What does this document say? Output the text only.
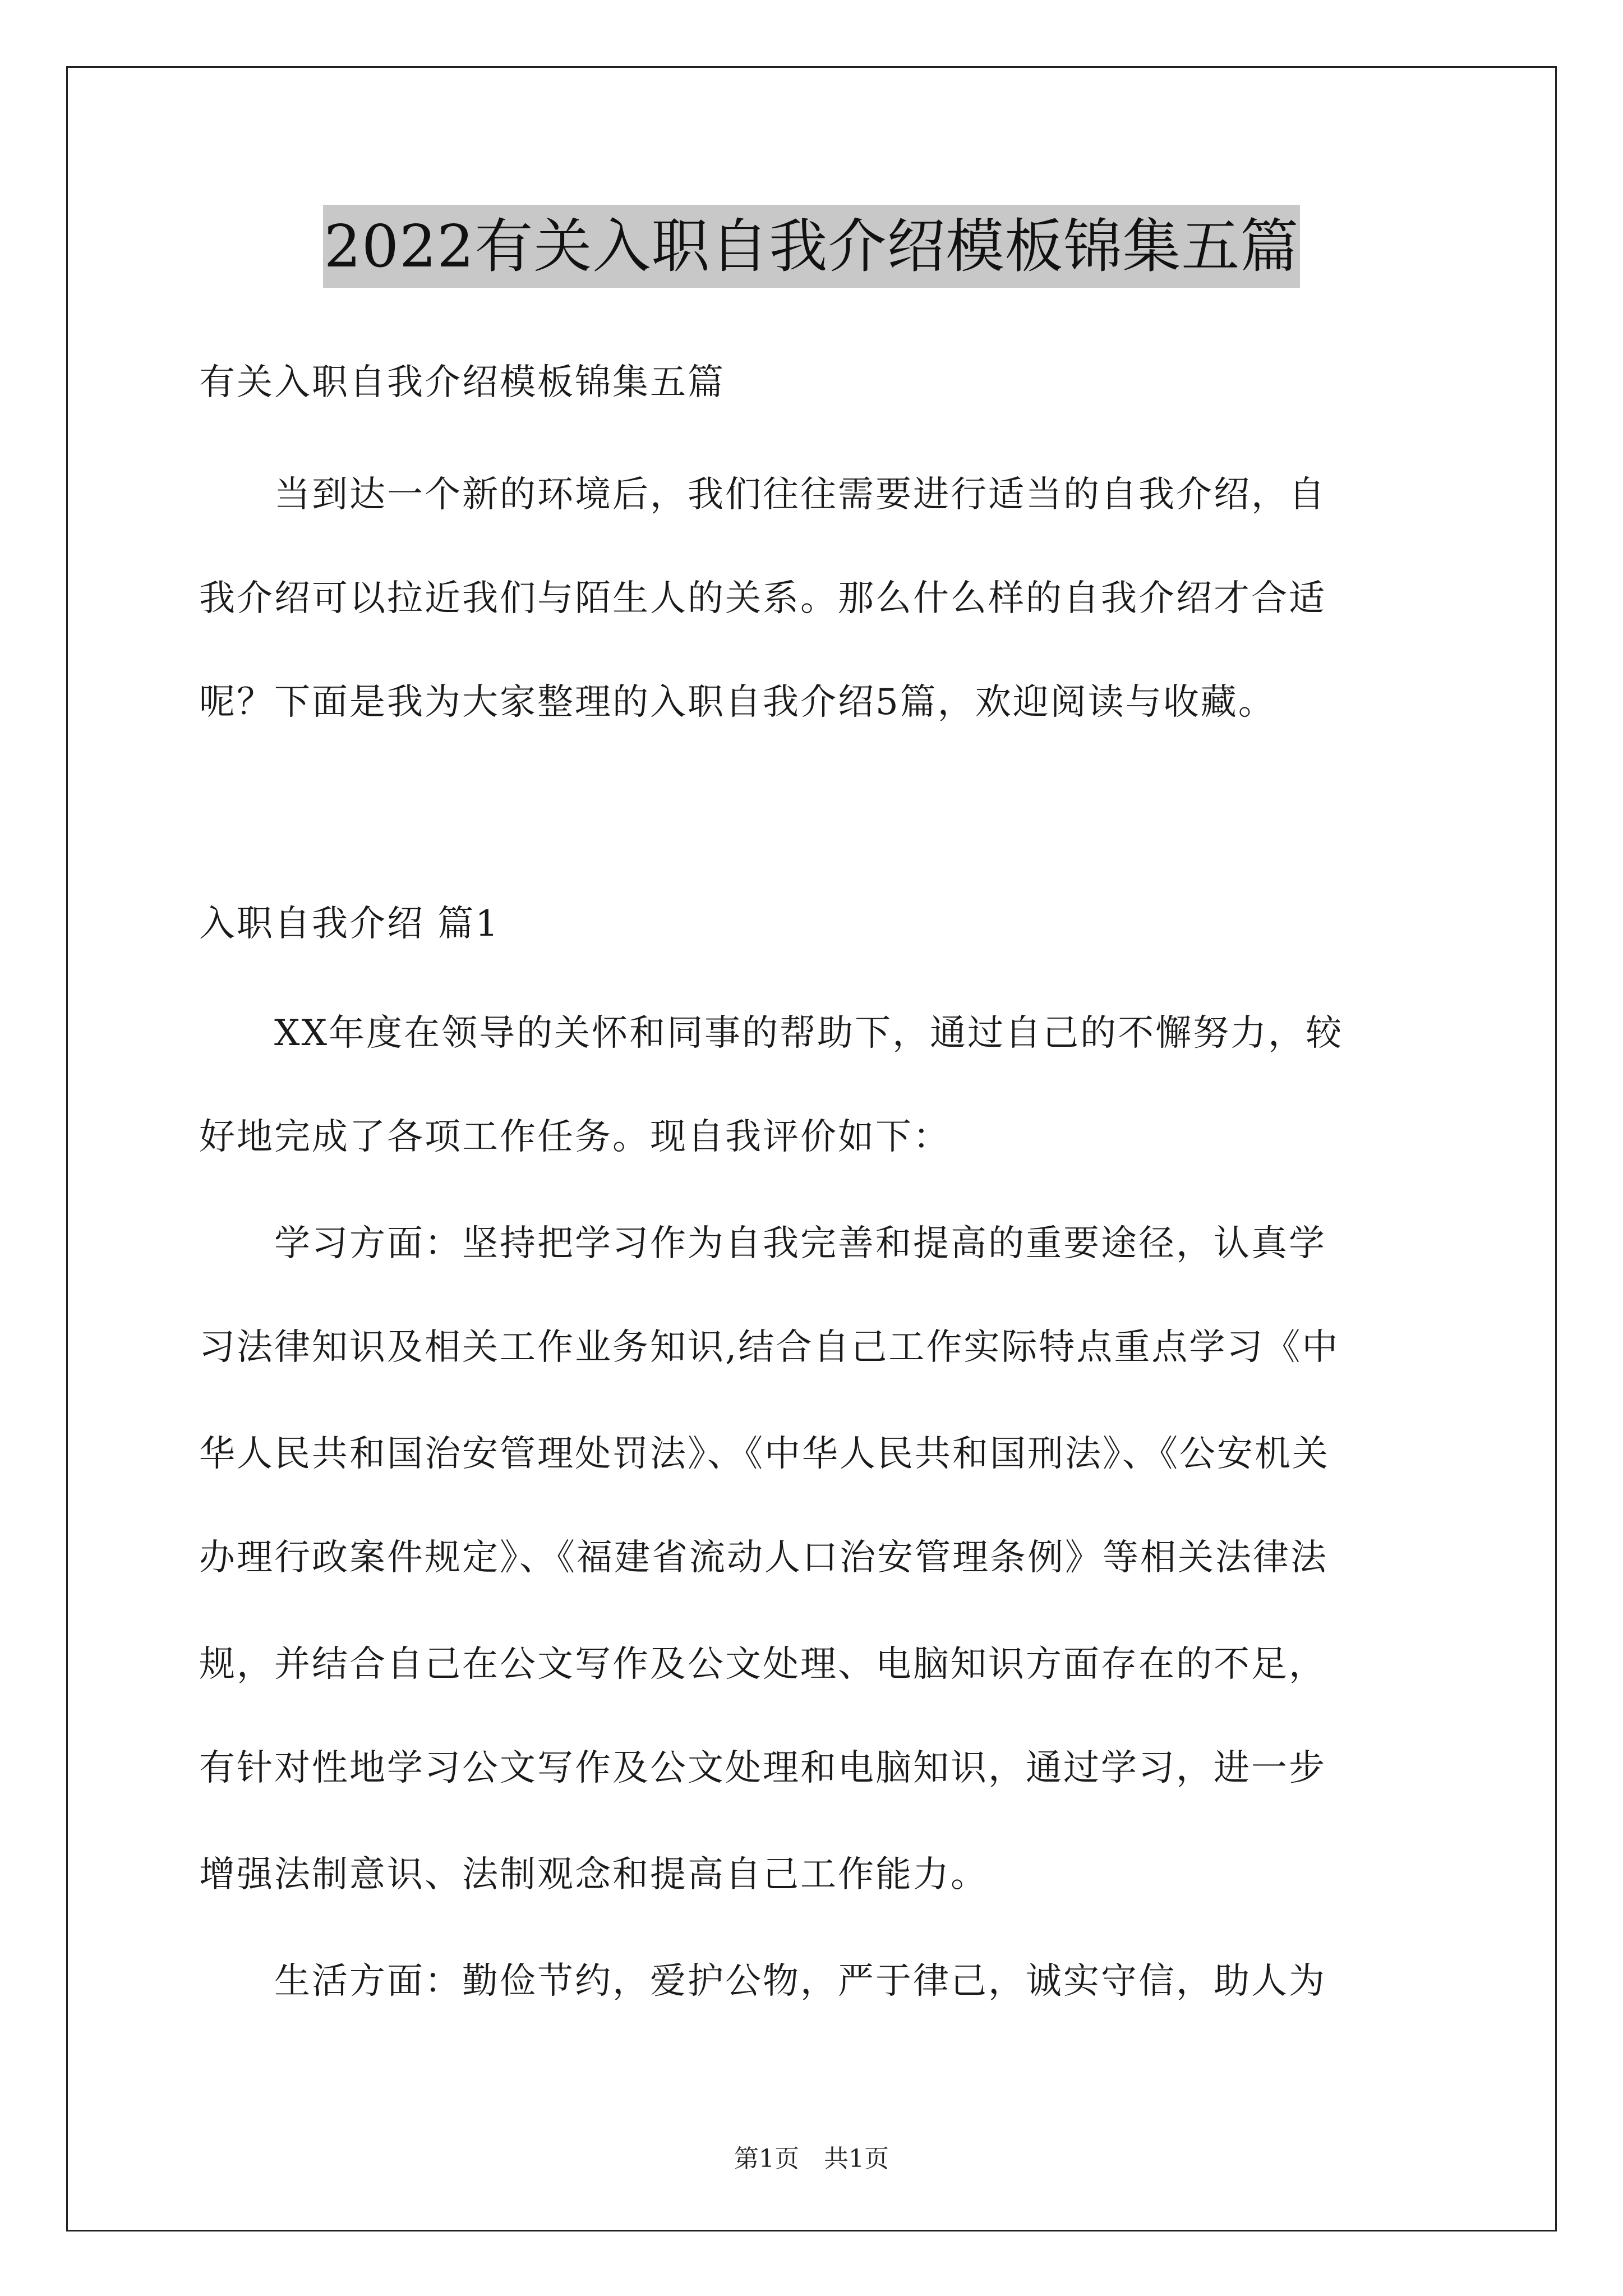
2022有关入职自我介绍模板锦集五篇
有关入职自我介绍模板锦集五篇
　　当到达一个新的环境后，我们往往需要进行适当的自我介绍，自
我介绍可以拉近我们与陌生人的关系。那么什么样的自我介绍才合适
呢？下面是我为大家整理的入职自我介绍5篇，欢迎阅读与收藏。
入职自我介绍 篇1
　　XX年度在领导的关怀和同事的帮助下，通过自己的不懈努力，较
好地完成了各项工作任务。现自我评价如下：
　　学习方面：坚持把学习作为自我完善和提高的重要途径，认真学
习法律知识及相关工作业务知识,结合自己工作实际特点重点学习《中
华人民共和国治安管理处罚法》、《中华人民共和国刑法》、《公安机关
办理行政案件规定》、《福建省流动人口治安管理条例》等相关法律法
规，并结合自己在公文写作及公文处理、电脑知识方面存在的不足，
有针对性地学习公文写作及公文处理和电脑知识，通过学习，进一步
增强法制意识、法制观念和提高自己工作能力。
　　生活方面：勤俭节约，爱护公物，严于律己，诚实守信，助人为
第1页　共1页
